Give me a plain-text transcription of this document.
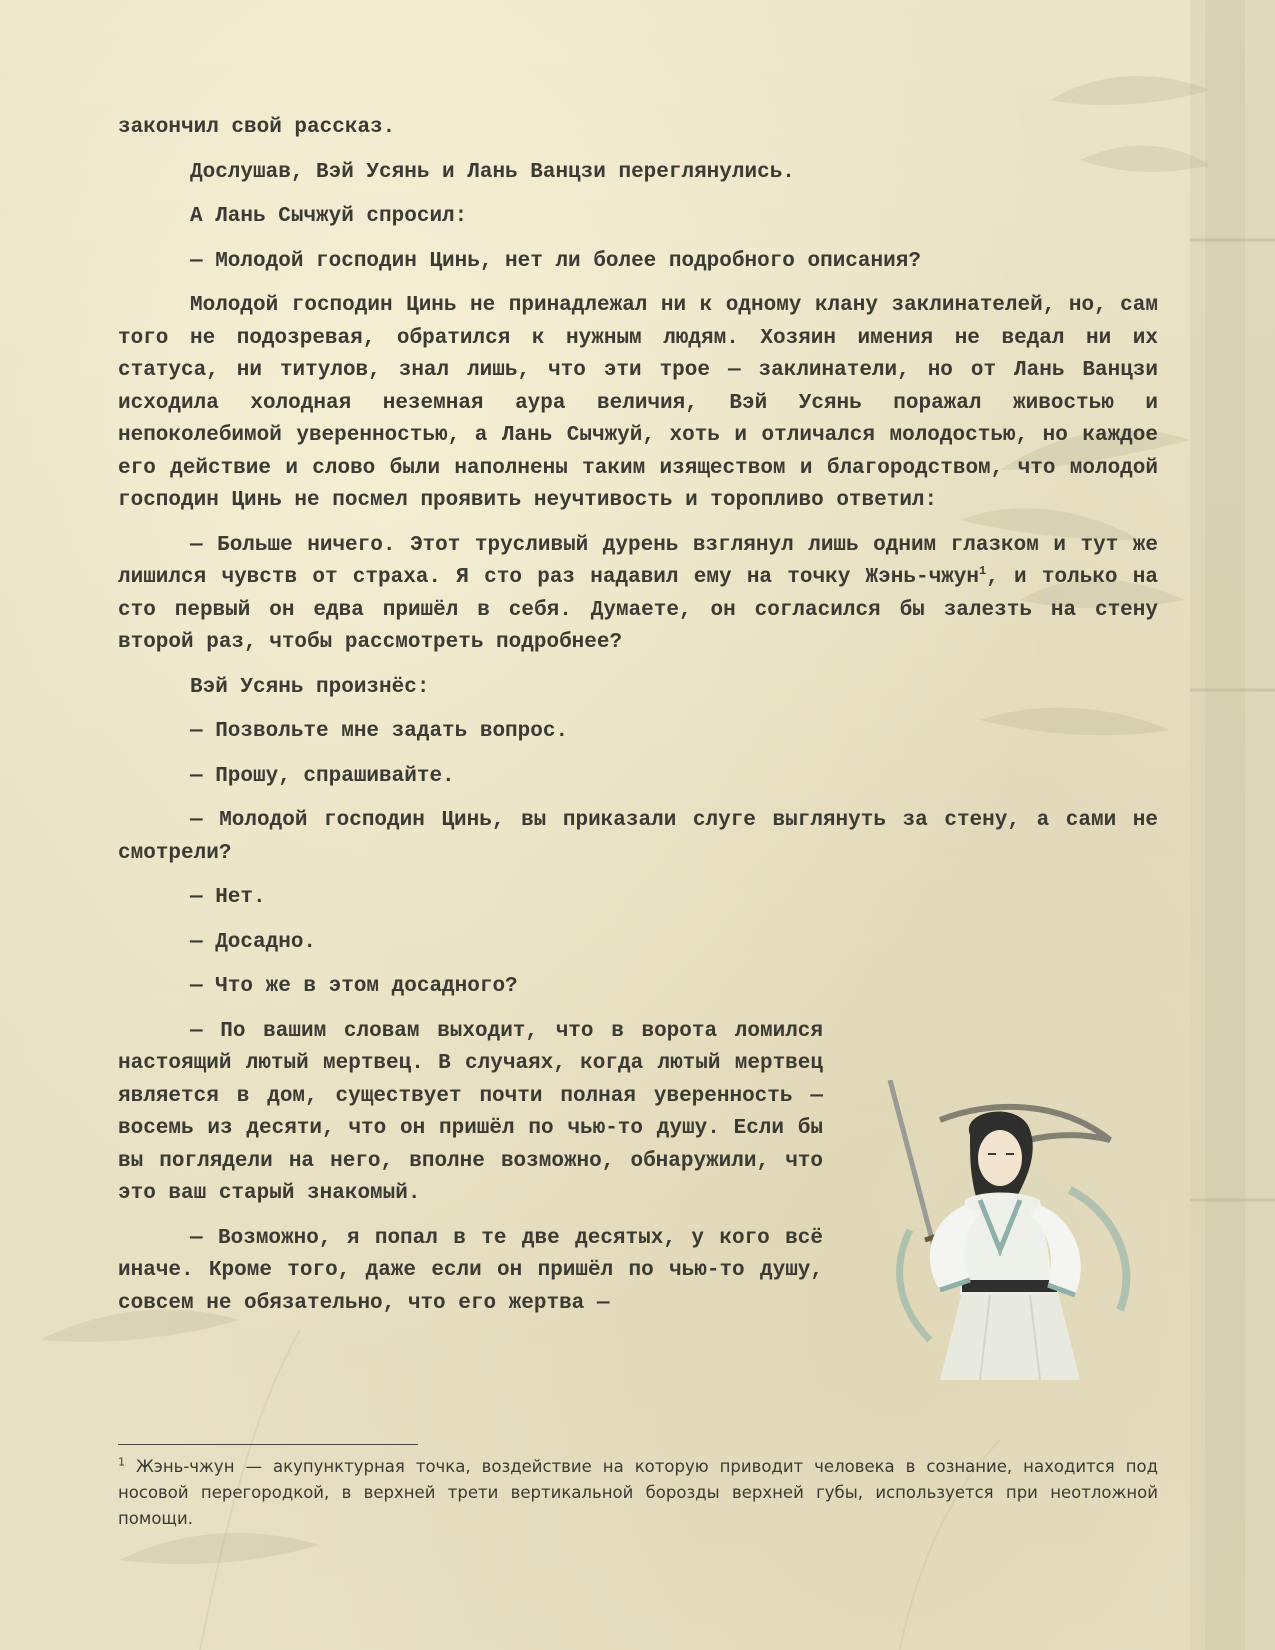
закончил свой рассказ.

Дослушав, Вэй Усянь и Лань Ванцзи переглянулись.

А Лань Сычжуй спросил:

— Молодой господин Цинь, нет ли более подробного описания?

Молодой господин Цинь не принадлежал ни к одному клану заклинателей, но, сам того не подозревая, обратился к нужным людям. Хозяин имения не ведал ни их статуса, ни титулов, знал лишь, что эти трое — заклинатели, но от Лань Ванцзи исходила холодная неземная аура величия, Вэй Усянь поражал живостью и непоколебимой уверенностью, а Лань Сычжуй, хоть и отличался молодостью, но каждое его действие и слово были наполнены таким изяществом и благородством, что молодой господин Цинь не посмел проявить неучтивость и торопливо ответил:

— Больше ничего. Этот трусливый дурень взглянул лишь одним глазком и тут же лишился чувств от страха. Я сто раз надавил ему на точку Жэнь-чжун$^1$, и только на сто первый он едва пришёл в себя. Думаете, он согласился бы залезть на стену второй раз, чтобы рассмотреть подробнее?

Вэй Усянь произнёс:

— Позвольте мне задать вопрос.

— Прошу, спрашивайте.

— Молодой господин Цинь, вы приказали слуге выглянуть за стену, а сами не смотрели?

— Нет.

— Досадно.

— Что же в этом досадного?

— По вашим словам выходит, что в ворота ломился настоящий лютый мертвец. В случаях, когда лютый мертвец является в дом, существует почти полная уверенность — восемь из десяти, что он пришёл по чью-то душу. Если бы вы поглядели на него, вполне возможно, обнаружили, что это ваш старый знакомый.

— Возможно, я попал в те две десятых, у кого всё иначе. Кроме того, даже если он пришёл по чью-то душу, совсем не обязательно, что его жертва —

$^1$ Жэнь-чжун — акупунктурная точка, воздействие на которую приводит человека в сознание, находится под носовой перегородкой, в верхней трети вертикальной борозды верхней губы, используется при неотложной помощи.
